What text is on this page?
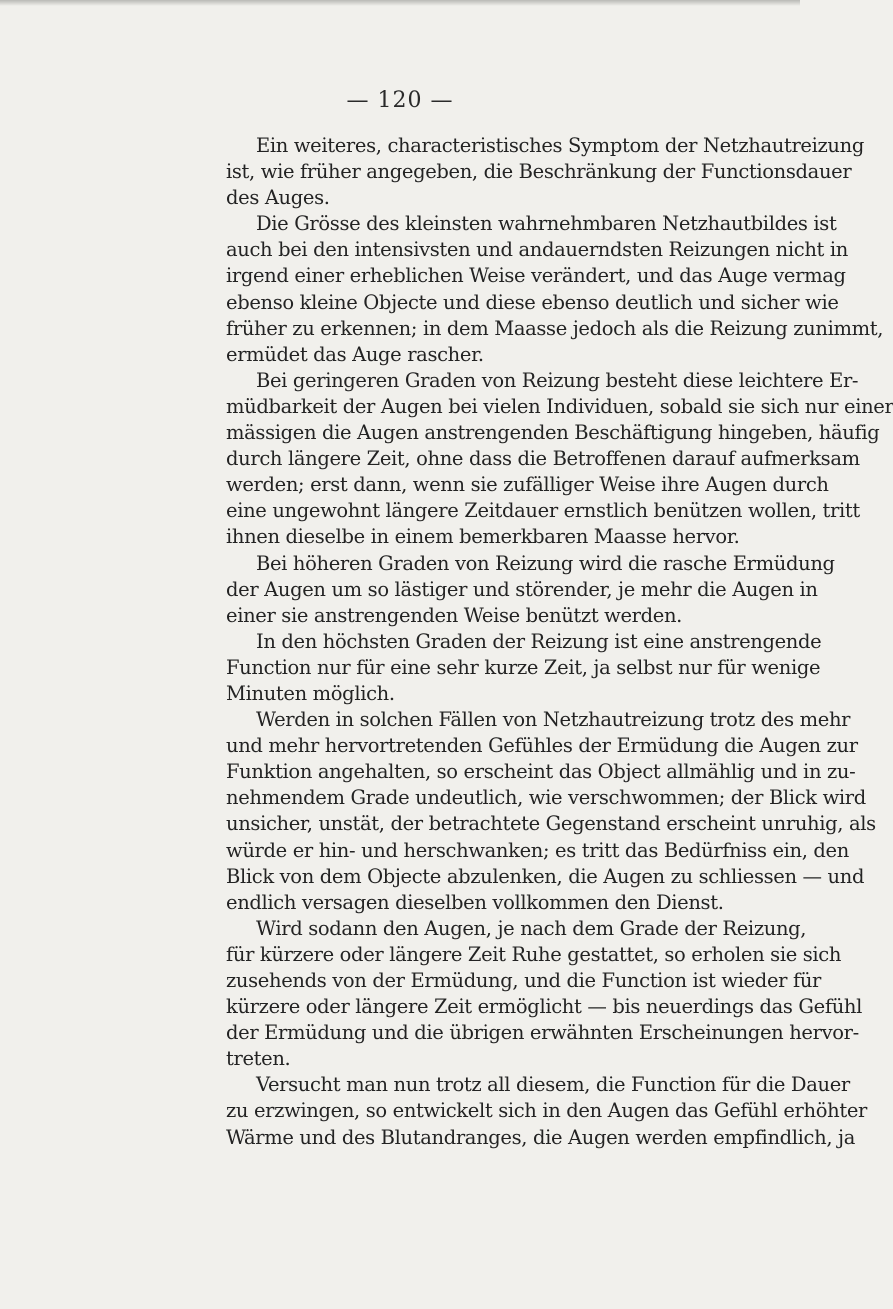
— 120 —
Ein weiteres, characteristisches Symptom der Netzhautreizung
ist, wie früher angegeben, die Beschränkung der Functionsdauer
des Auges.
Die Grösse des kleinsten wahrnehmbaren Netzhautbildes ist
auch bei den intensivsten und andauerndsten Reizungen nicht in
irgend einer erheblichen Weise verändert, und das Auge vermag
ebenso kleine Objecte und diese ebenso deutlich und sicher wie
früher zu erkennen; in dem Maasse jedoch als die Reizung zunimmt,
ermüdet das Auge rascher.
Bei geringeren Graden von Reizung besteht diese leichtere Er-
müdbarkeit der Augen bei vielen Individuen, sobald sie sich nur einer
mässigen die Augen anstrengenden Beschäftigung hingeben, häufig
durch längere Zeit, ohne dass die Betroffenen darauf aufmerksam
werden; erst dann, wenn sie zufälliger Weise ihre Augen durch
eine ungewohnt längere Zeitdauer ernstlich benützen wollen, tritt
ihnen dieselbe in einem bemerkbaren Maasse hervor.
Bei höheren Graden von Reizung wird die rasche Ermüdung
der Augen um so lästiger und störender, je mehr die Augen in
einer sie anstrengenden Weise benützt werden.
In den höchsten Graden der Reizung ist eine anstrengende
Function nur für eine sehr kurze Zeit, ja selbst nur für wenige
Minuten möglich.
Werden in solchen Fällen von Netzhautreizung trotz des mehr
und mehr hervortretenden Gefühles der Ermüdung die Augen zur
Funktion angehalten, so erscheint das Object allmählig und in zu-
nehmendem Grade undeutlich, wie verschwommen; der Blick wird
unsicher, unstät, der betrachtete Gegenstand erscheint unruhig, als
würde er hin- und herschwanken; es tritt das Bedürfniss ein, den
Blick von dem Objecte abzulenken, die Augen zu schliessen — und
endlich versagen dieselben vollkommen den Dienst.
Wird sodann den Augen, je nach dem Grade der Reizung,
für kürzere oder längere Zeit Ruhe gestattet, so erholen sie sich
zusehends von der Ermüdung, und die Function ist wieder für
kürzere oder längere Zeit ermöglicht — bis neuerdings das Gefühl
der Ermüdung und die übrigen erwähnten Erscheinungen hervor-
treten.
Versucht man nun trotz all diesem, die Function für die Dauer
zu erzwingen, so entwickelt sich in den Augen das Gefühl erhöhter
Wärme und des Blutandranges, die Augen werden empfindlich, ja
